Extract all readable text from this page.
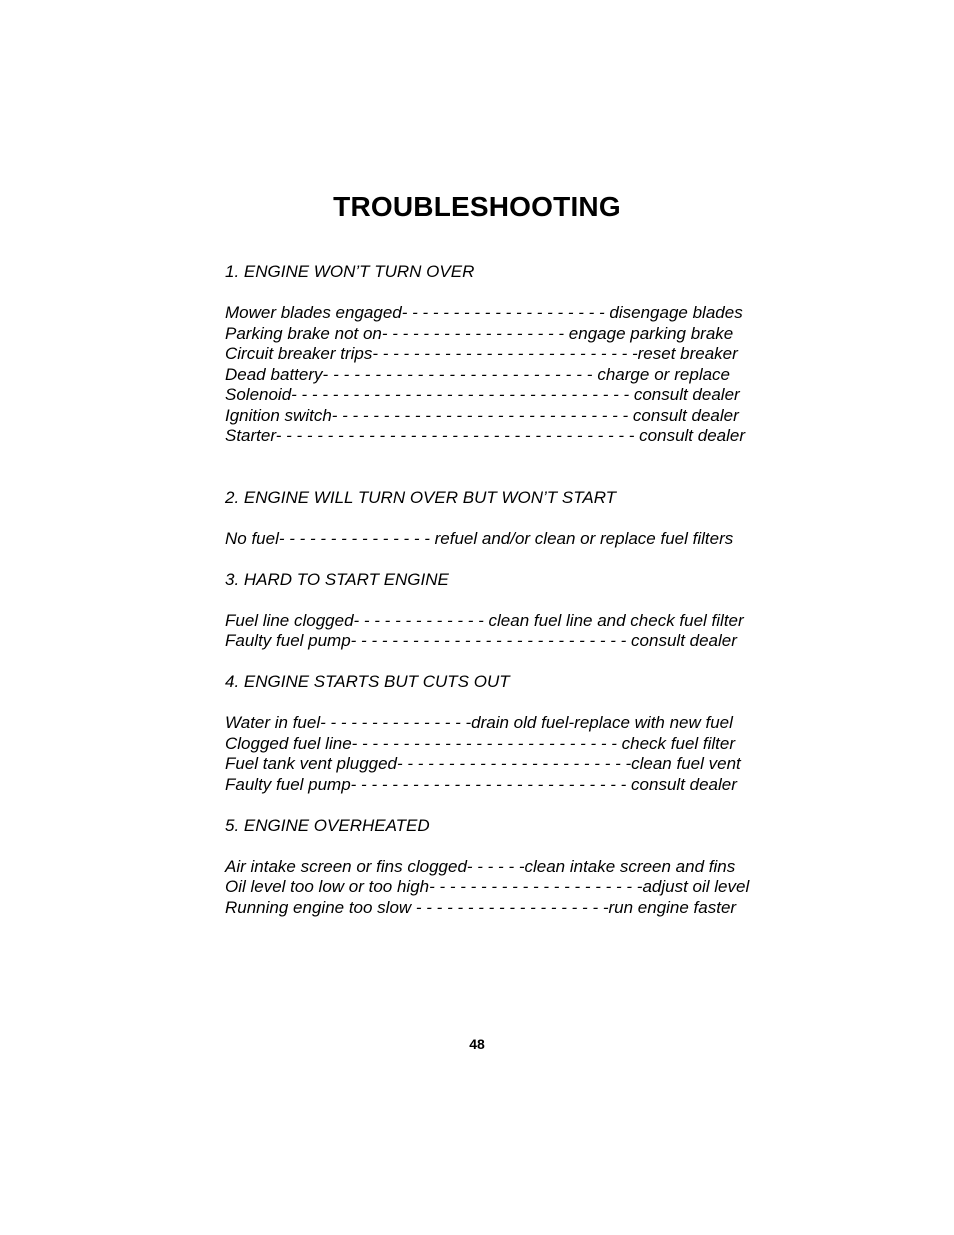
TROUBLESHOOTING
1. ENGINE WON’T TURN OVER
Mower blades engaged- - - - - - - - - - - - - - - - - - - - disengage blades
Parking brake not on- - - - - - - - - - - - - - - - - - engage parking brake
Circuit breaker trips- - - - - - - - - - - - - - - - - - - - - - - - - -reset breaker
Dead battery- - - - - - - - - - - - - - - - - - - - - - - - - - charge or replace
Solenoid- - - - - - - - - - - - - - - - - - - - - - - - - - - - - - - - - consult dealer
Ignition switch- - - - - - - - - - - - - - - - - - - - - - - - - - - - - consult dealer
Starter- - - - - - - - - - - - - - - - - - - - - - - - - - - - - - - - - - - consult dealer
2. ENGINE WILL TURN OVER BUT WON’T START
No fuel- - - - - - - - - - - - - - - refuel and/or clean or replace fuel filters
3. HARD TO START ENGINE
Fuel line clogged- - - - - - - - - - - - - clean fuel line and check fuel filter
Faulty fuel pump- - - - - - - - - - - - - - - - - - - - - - - - - - - consult dealer
4. ENGINE STARTS BUT CUTS OUT
Water in fuel- - - - - - - - - - - - - - -drain old fuel-replace with new fuel
Clogged fuel line- - - - - - - - - - - - - - - - - - - - - - - - - - check fuel filter
Fuel tank vent plugged- - - - - - - - - - - - - - - - - - - - - - -clean fuel vent
Faulty fuel pump- - - - - - - - - - - - - - - - - - - - - - - - - - - consult dealer
5. ENGINE OVERHEATED
Air intake screen or fins clogged- - - - - -clean intake screen and fins
Oil level too low or too high- - - - - - - - - - - - - - - - - - - - -adjust oil level
Running engine too slow - - - - - - - - - - - - - - - - - - -run engine faster
48
